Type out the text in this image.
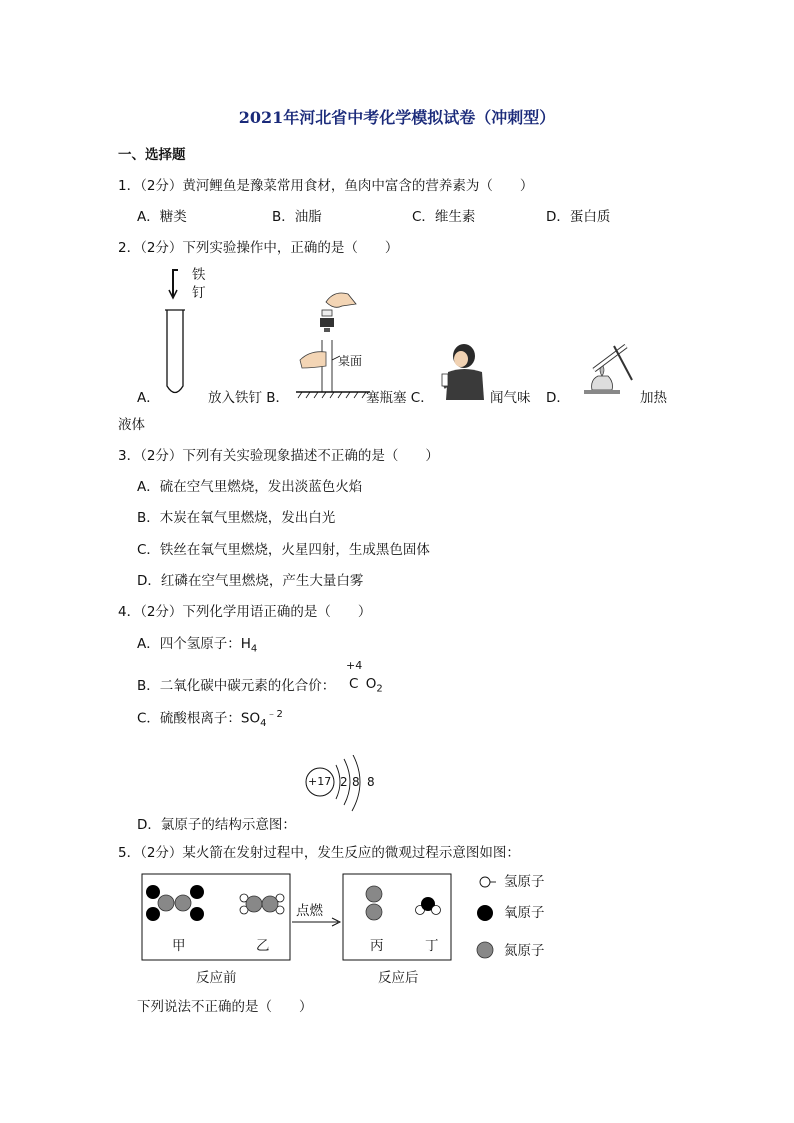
2021年河北省中考化学模拟试卷（冲刺型）
一、选择题
1．（2分）黄河鲤鱼是豫菜常用食材，鱼肉中富含的营养素为（　　）
A．糖类	B．油脂	C．维生素	D．蛋白质
2．（2分）下列实验操作中，正确的是（　　）
铁
钉
A．	放入铁钉 B．
桌面
塞瓶塞 C．	闻气味 D．	加热
液体
3．（2分）下列有关实验现象描述不正确的是（　　）
A．硫在空气里燃烧，发出淡蓝色火焰
B．木炭在氧气里燃烧，发出白光
C．铁丝在氧气里燃烧，火星四射，生成黑色固体
D．红磷在空气里燃烧，产生大量白雾
4．（2分）下列化学用语正确的是（　　）
A．四个氢原子：$H_4$
B．二氧化碳中碳元素的化合价：
+4
C $O_2$
C．硫酸根离子：$SO_4^{﹣2}$
+17 2 8 8
D．氯原子的结构示意图：
5．（2分）某火箭在发射过程中，发生反应的微观过程示意图如图：
甲	乙
点燃
丙	丁
氢原子
氧原子
氮原子
反应前	反应后
下列说法不正确的是（　　）
